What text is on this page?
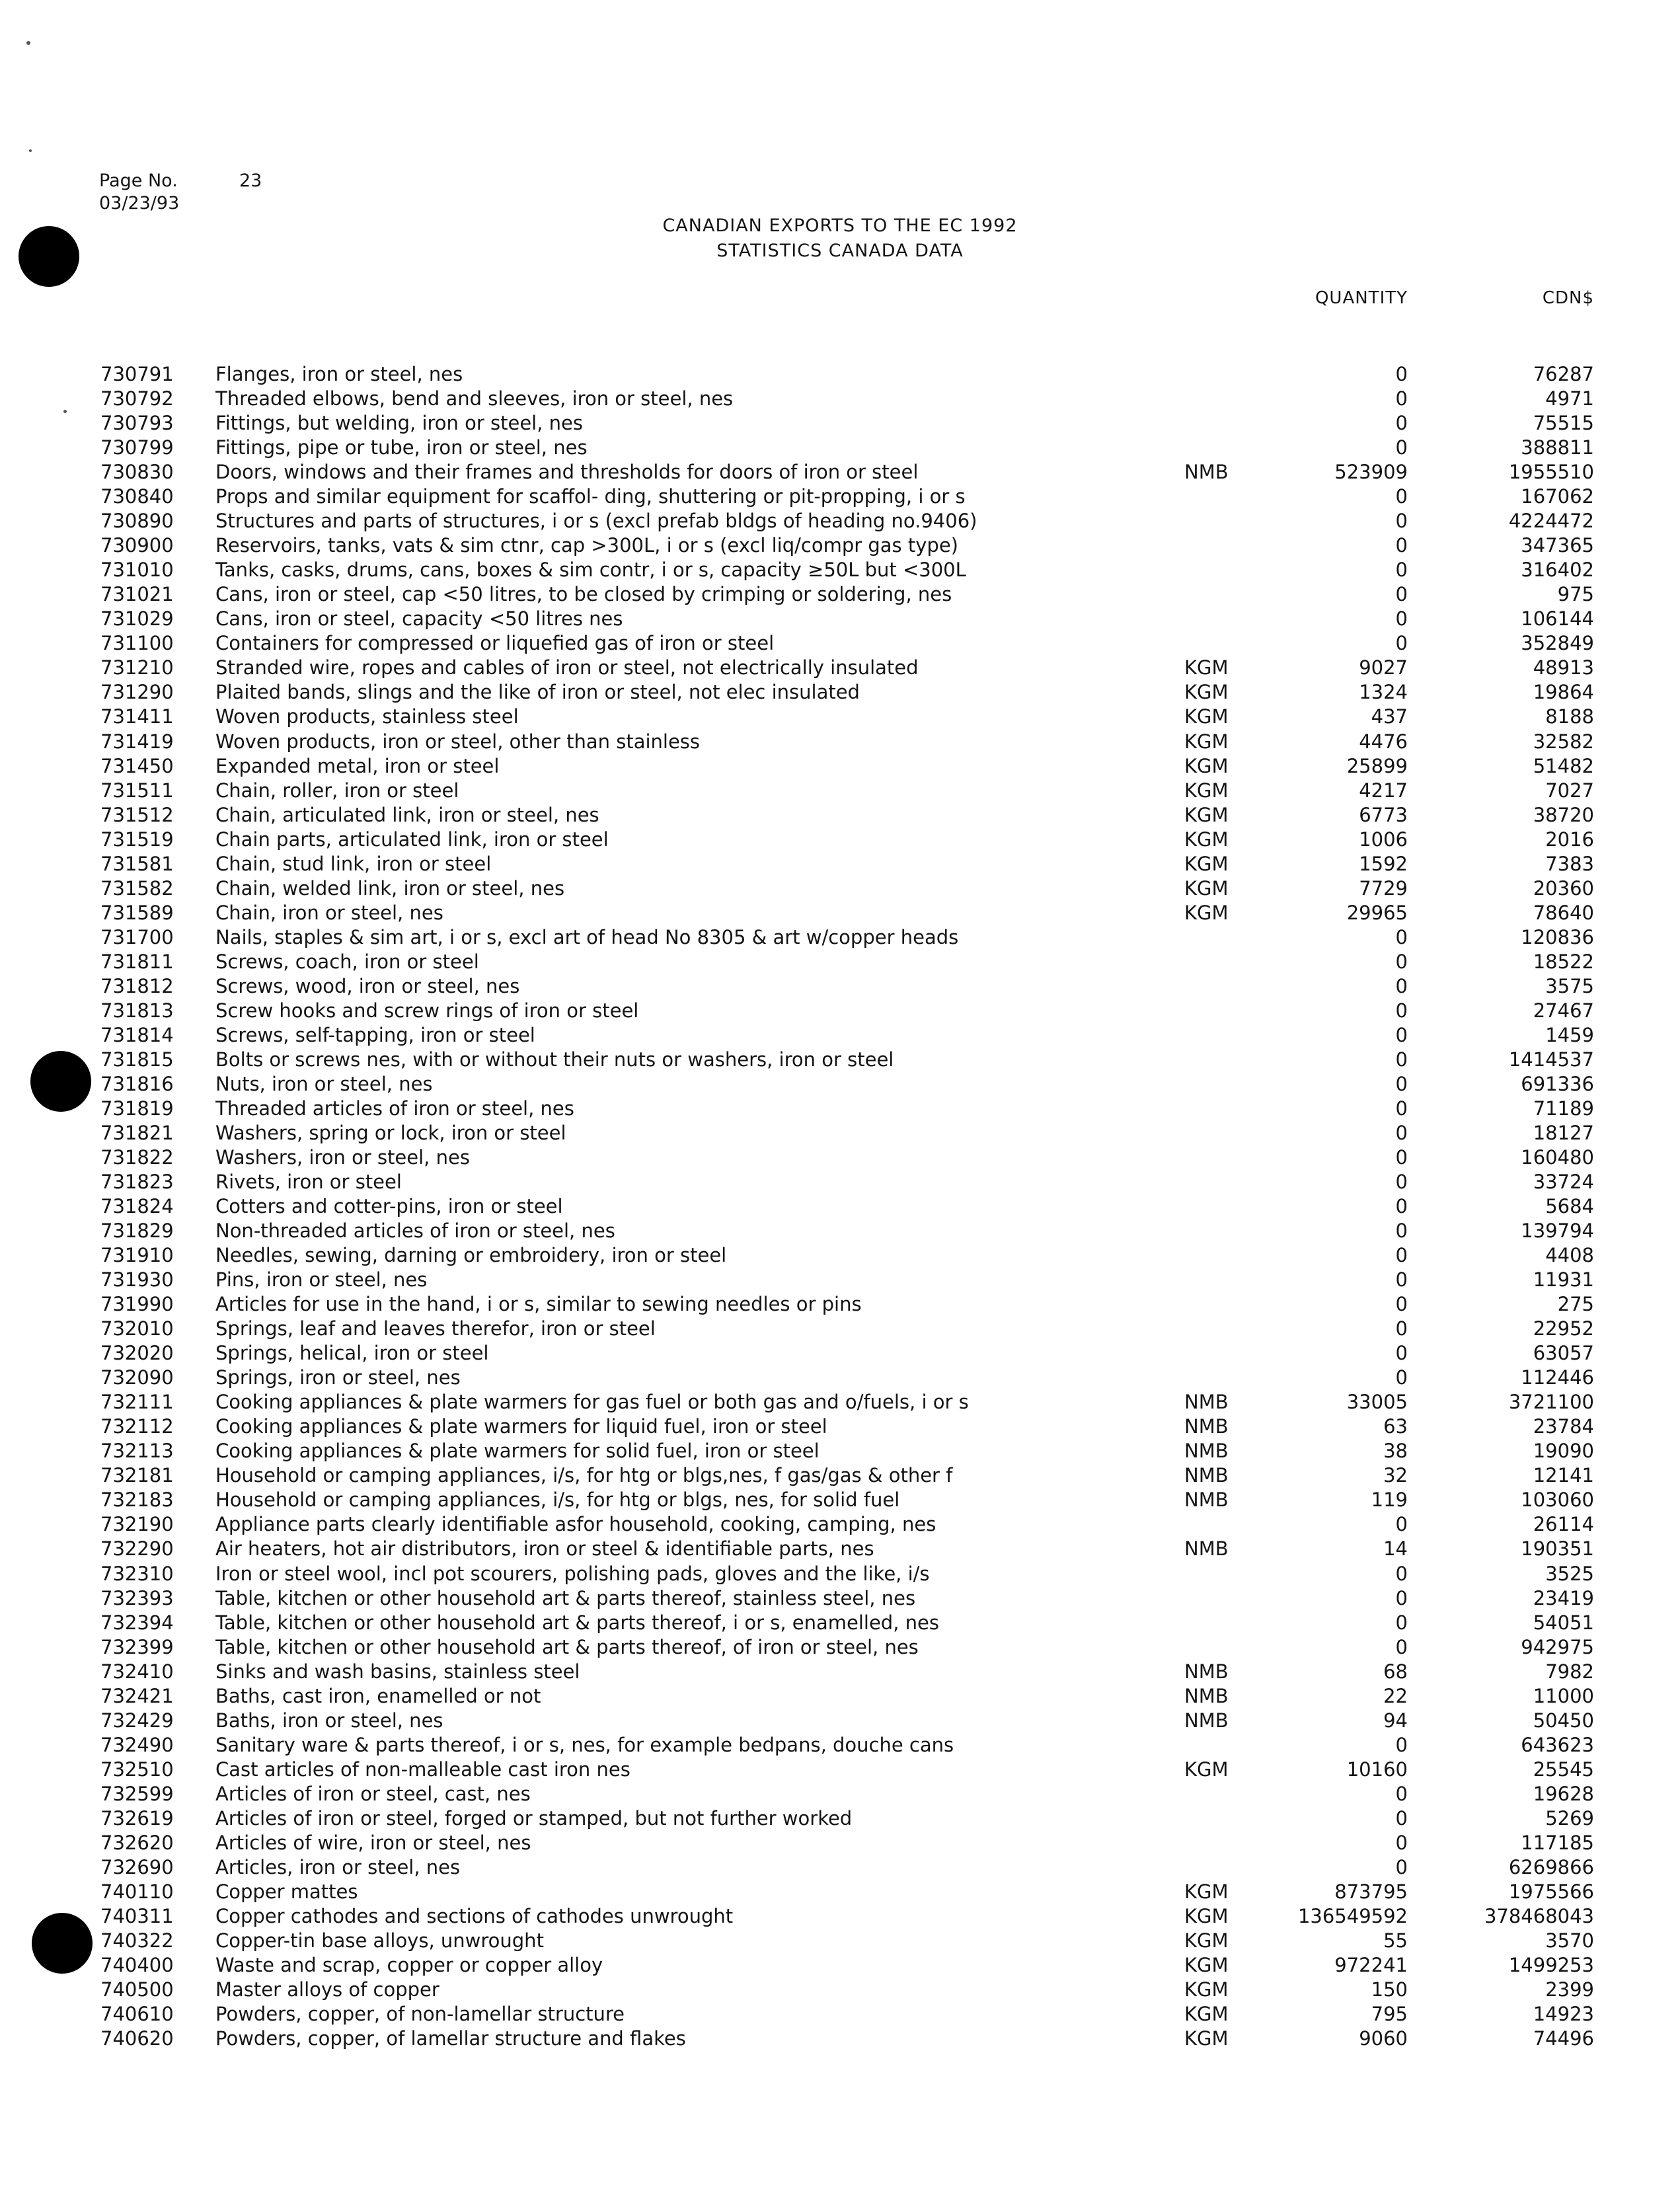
Page No.	23
03/23/93
CANADIAN EXPORTS TO THE EC 1992
STATISTICS CANADA DATA
QUANTITY	CDN$
730791 Flanges, iron or steel, nes	0	76287
730792 Threaded elbows, bend and sleeves, iron or steel, nes	0	4971
730793 Fittings, but welding, iron or steel, nes	0	75515
730799 Fittings, pipe or tube, iron or steel, nes	0	388811
730830 Doors, windows and their frames and thresholds for doors of iron or steel	NMB	523909	1955510
730840 Props and similar equipment for scaffol- ding, shuttering or pit-propping, i or s	0	167062
730890 Structures and parts of structures, i or s (excl prefab bldgs of heading no.9406)	0	4224472
730900 Reservoirs, tanks, vats & sim ctnr, cap >300L, i or s (excl liq/compr gas type)	0	347365
731010 Tanks, casks, drums, cans, boxes & sim contr, i or s, capacity ≥50L but <300L	0	316402
731021 Cans, iron or steel, cap <50 litres, to be closed by crimping or soldering, nes	0	975
731029 Cans, iron or steel, capacity <50 litres nes	0	106144
731100 Containers for compressed or liquefied gas of iron or steel	0	352849
731210 Stranded wire, ropes and cables of iron or steel, not electrically insulated	KGM	9027	48913
731290 Plaited bands, slings and the like of iron or steel, not elec insulated	KGM	1324	19864
731411 Woven products, stainless steel	KGM	437	8188
731419 Woven products, iron or steel, other than stainless	KGM	4476	32582
731450 Expanded metal, iron or steel	KGM	25899	51482
731511 Chain, roller, iron or steel	KGM	4217	7027
731512 Chain, articulated link, iron or steel, nes	KGM	6773	38720
731519 Chain parts, articulated link, iron or steel	KGM	1006	2016
731581 Chain, stud link, iron or steel	KGM	1592	7383
731582 Chain, welded link, iron or steel, nes	KGM	7729	20360
731589 Chain, iron or steel, nes	KGM	29965	78640
731700 Nails, staples & sim art, i or s, excl art of head No 8305 & art w/copper heads	0	120836
731811 Screws, coach, iron or steel	0	18522
731812 Screws, wood, iron or steel, nes	0	3575
731813 Screw hooks and screw rings of iron or steel	0	27467
731814 Screws, self-tapping, iron or steel	0	1459
731815 Bolts or screws nes, with or without their nuts or washers, iron or steel	0	1414537
731816 Nuts, iron or steel, nes	0	691336
731819 Threaded articles of iron or steel, nes	0	71189
731821 Washers, spring or lock, iron or steel	0	18127
731822 Washers, iron or steel, nes	0	160480
731823 Rivets, iron or steel	0	33724
731824 Cotters and cotter-pins, iron or steel	0	5684
731829 Non-threaded articles of iron or steel, nes	0	139794
731910 Needles, sewing, darning or embroidery, iron or steel	0	4408
731930 Pins, iron or steel, nes	0	11931
731990 Articles for use in the hand, i or s, similar to sewing needles or pins	0	275
732010 Springs, leaf and leaves therefor, iron or steel	0	22952
732020 Springs, helical, iron or steel	0	63057
732090 Springs, iron or steel, nes	0	112446
732111 Cooking appliances & plate warmers for gas fuel or both gas and o/fuels, i or s	NMB	33005	3721100
732112 Cooking appliances & plate warmers for liquid fuel, iron or steel	NMB	63	23784
732113 Cooking appliances & plate warmers for solid fuel, iron or steel	NMB	38	19090
732181 Household or camping appliances, i/s, for htg or blgs,nes, f gas/gas & other f	NMB	32	12141
732183 Household or camping appliances, i/s, for htg or blgs, nes, for solid fuel	NMB	119	103060
732190 Appliance parts clearly identifiable asfor household, cooking, camping, nes	0	26114
732290 Air heaters, hot air distributors, iron or steel & identifiable parts, nes	NMB	14	190351
732310 Iron or steel wool, incl pot scourers, polishing pads, gloves and the like, i/s	0	3525
732393 Table, kitchen or other household art & parts thereof, stainless steel, nes	0	23419
732394 Table, kitchen or other household art & parts thereof, i or s, enamelled, nes	0	54051
732399 Table, kitchen or other household art & parts thereof, of iron or steel, nes	0	942975
732410 Sinks and wash basins, stainless steel	NMB	68	7982
732421 Baths, cast iron, enamelled or not	NMB	22	11000
732429 Baths, iron or steel, nes	NMB	94	50450
732490 Sanitary ware & parts thereof, i or s, nes, for example bedpans, douche cans	0	643623
732510 Cast articles of non-malleable cast iron nes	KGM	10160	25545
732599 Articles of iron or steel, cast, nes	0	19628
732619 Articles of iron or steel, forged or stamped, but not further worked	0	5269
732620 Articles of wire, iron or steel, nes	0	117185
732690 Articles, iron or steel, nes	0	6269866
740110 Copper mattes	KGM	873795	1975566
740311 Copper cathodes and sections of cathodes unwrought	KGM	136549592	378468043
740322 Copper-tin base alloys, unwrought	KGM	55	3570
740400 Waste and scrap, copper or copper alloy	KGM	972241	1499253
740500 Master alloys of copper	KGM	150	2399
740610 Powders, copper, of non-lamellar structure	KGM	795	14923
740620 Powders, copper, of lamellar structure and flakes	KGM	9060	74496
